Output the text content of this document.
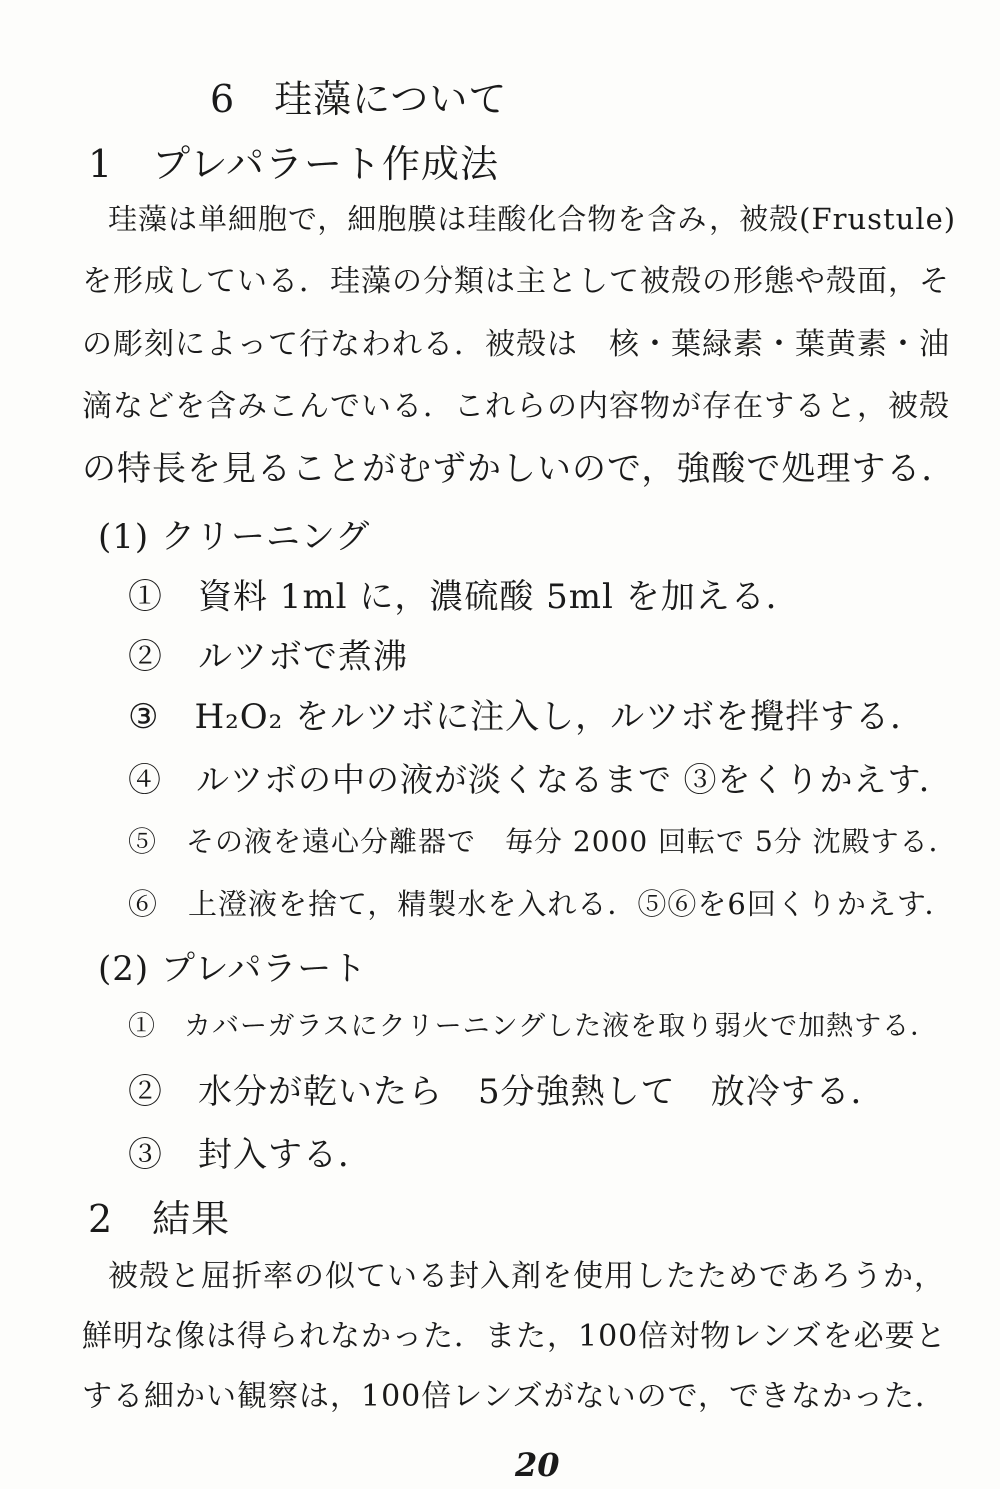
6　珪藻について
1　プレパラート作成法
珪藻は単細胞で，細胞膜は珪酸化合物を含み，被殻(Frustule)
を形成している．珪藻の分類は主として被殻の形態や殻面，そ
の彫刻によって行なわれる．被殻は　核・葉緑素・葉黄素・油
滴などを含みこんでいる．これらの内容物が存在すると，被殻
の特長を見ることがむずかしいので，強酸で処理する．
(1) クリーニング
①　資料 1ml に，濃硫酸 5ml を加える．
②　ルツボで煮沸
③　H₂O₂ をルツボに注入し，ルツボを攪拌する．
④　ルツボの中の液が淡くなるまで ③をくりかえす．
⑤　その液を遠心分離器で　毎分 2000 回転で 5分 沈殿する．
⑥　上澄液を捨て，精製水を入れる．⑤⑥を6回くりかえす．
(2) プレパラート
①　カバーガラスにクリーニングした液を取り弱火で加熱する．
②　水分が乾いたら　5分強熱して　放冷する．
③　封入する．
2　結果
被殻と屈折率の似ている封入剤を使用したためであろうか，
鮮明な像は得られなかった．また，100倍対物レンズを必要と
する細かい観察は，100倍レンズがないので，できなかった．
20
